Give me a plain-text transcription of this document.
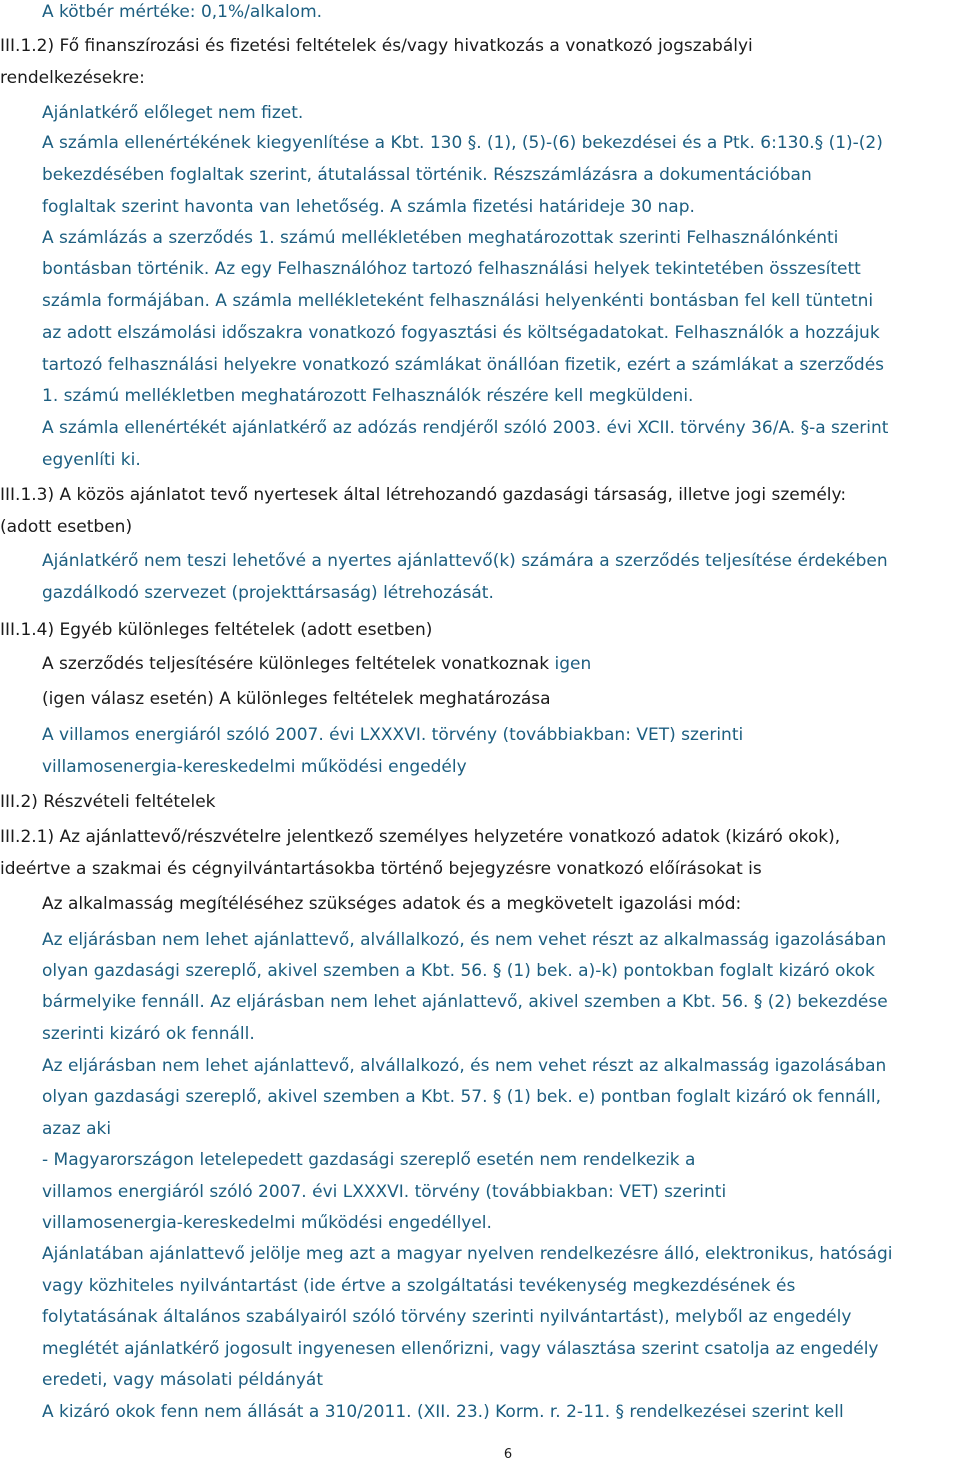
A kötbér mértéke: 0,1%/alkalom.
III.1.2) Fő finanszírozási és fizetési feltételek és/vagy hivatkozás a vonatkozó jogszabályi
rendelkezésekre:
Ajánlatkérő előleget nem fizet.
A számla ellenértékének kiegyenlítése a Kbt. 130 §. (1), (5)-(6) bekezdései és a Ptk. 6:130.§ (1)-(2)
bekezdésében foglaltak szerint, átutalással történik. Részszámlázásra a dokumentációban
foglaltak szerint havonta van lehetőség. A számla fizetési határideje 30 nap.
A számlázás a szerződés 1. számú mellékletében meghatározottak szerinti Felhasználónkénti
bontásban történik. Az egy Felhasználóhoz tartozó felhasználási helyek tekintetében összesített
számla formájában. A számla mellékleteként felhasználási helyenkénti bontásban fel kell tüntetni
az adott elszámolási időszakra vonatkozó fogyasztási és költségadatokat. Felhasználók a hozzájuk
tartozó felhasználási helyekre vonatkozó számlákat önállóan fizetik, ezért a számlákat a szerződés
1. számú mellékletben meghatározott Felhasználók részére kell megküldeni.
A számla ellenértékét ajánlatkérő az adózás rendjéről szóló 2003. évi XCII. törvény 36/A. §-a szerint
egyenlíti ki.
III.1.3) A közös ajánlatot tevő nyertesek által létrehozandó gazdasági társaság, illetve jogi személy:
(adott esetben)
Ajánlatkérő nem teszi lehetővé a nyertes ajánlattevő(k) számára a szerződés teljesítése érdekében
gazdálkodó szervezet (projekttársaság) létrehozását.
III.1.4) Egyéb különleges feltételek (adott esetben)
A szerződés teljesítésére különleges feltételek vonatkoznak igen
(igen válasz esetén) A különleges feltételek meghatározása
A villamos energiáról szóló 2007. évi LXXXVI. törvény (továbbiakban: VET) szerinti
villamosenergia-kereskedelmi működési engedély
III.2) Részvételi feltételek
III.2.1) Az ajánlattevő/részvételre jelentkező személyes helyzetére vonatkozó adatok (kizáró okok),
ideértve a szakmai és cégnyilvántartásokba történő bejegyzésre vonatkozó előírásokat is
Az alkalmasság megítéléséhez szükséges adatok és a megkövetelt igazolási mód:
Az eljárásban nem lehet ajánlattevő, alvállalkozó, és nem vehet részt az alkalmasság igazolásában
olyan gazdasági szereplő, akivel szemben a Kbt. 56. § (1) bek. a)-k) pontokban foglalt kizáró okok
bármelyike fennáll. Az eljárásban nem lehet ajánlattevő, akivel szemben a Kbt. 56. § (2) bekezdése
szerinti kizáró ok fennáll.
Az eljárásban nem lehet ajánlattevő, alvállalkozó, és nem vehet részt az alkalmasság igazolásában
olyan gazdasági szereplő, akivel szemben a Kbt. 57. § (1) bek. e) pontban foglalt kizáró ok fennáll,
azaz aki
- Magyarországon letelepedett gazdasági szereplő esetén nem rendelkezik a
villamos energiáról szóló 2007. évi LXXXVI. törvény (továbbiakban: VET) szerinti
villamosenergia-kereskedelmi működési engedéllyel.
Ajánlatában ajánlattevő jelölje meg azt a magyar nyelven rendelkezésre álló, elektronikus, hatósági
vagy közhiteles nyilvántartást (ide értve a szolgáltatási tevékenység megkezdésének és
folytatásának általános szabályairól szóló törvény szerinti nyilvántartást), melyből az engedély
meglétét ajánlatkérő jogosult ingyenesen ellenőrizni, vagy választása szerint csatolja az engedély
eredeti, vagy másolati példányát
A kizáró okok fenn nem állását a 310/2011. (XII. 23.) Korm. r. 2-11. § rendelkezései szerint kell
6
